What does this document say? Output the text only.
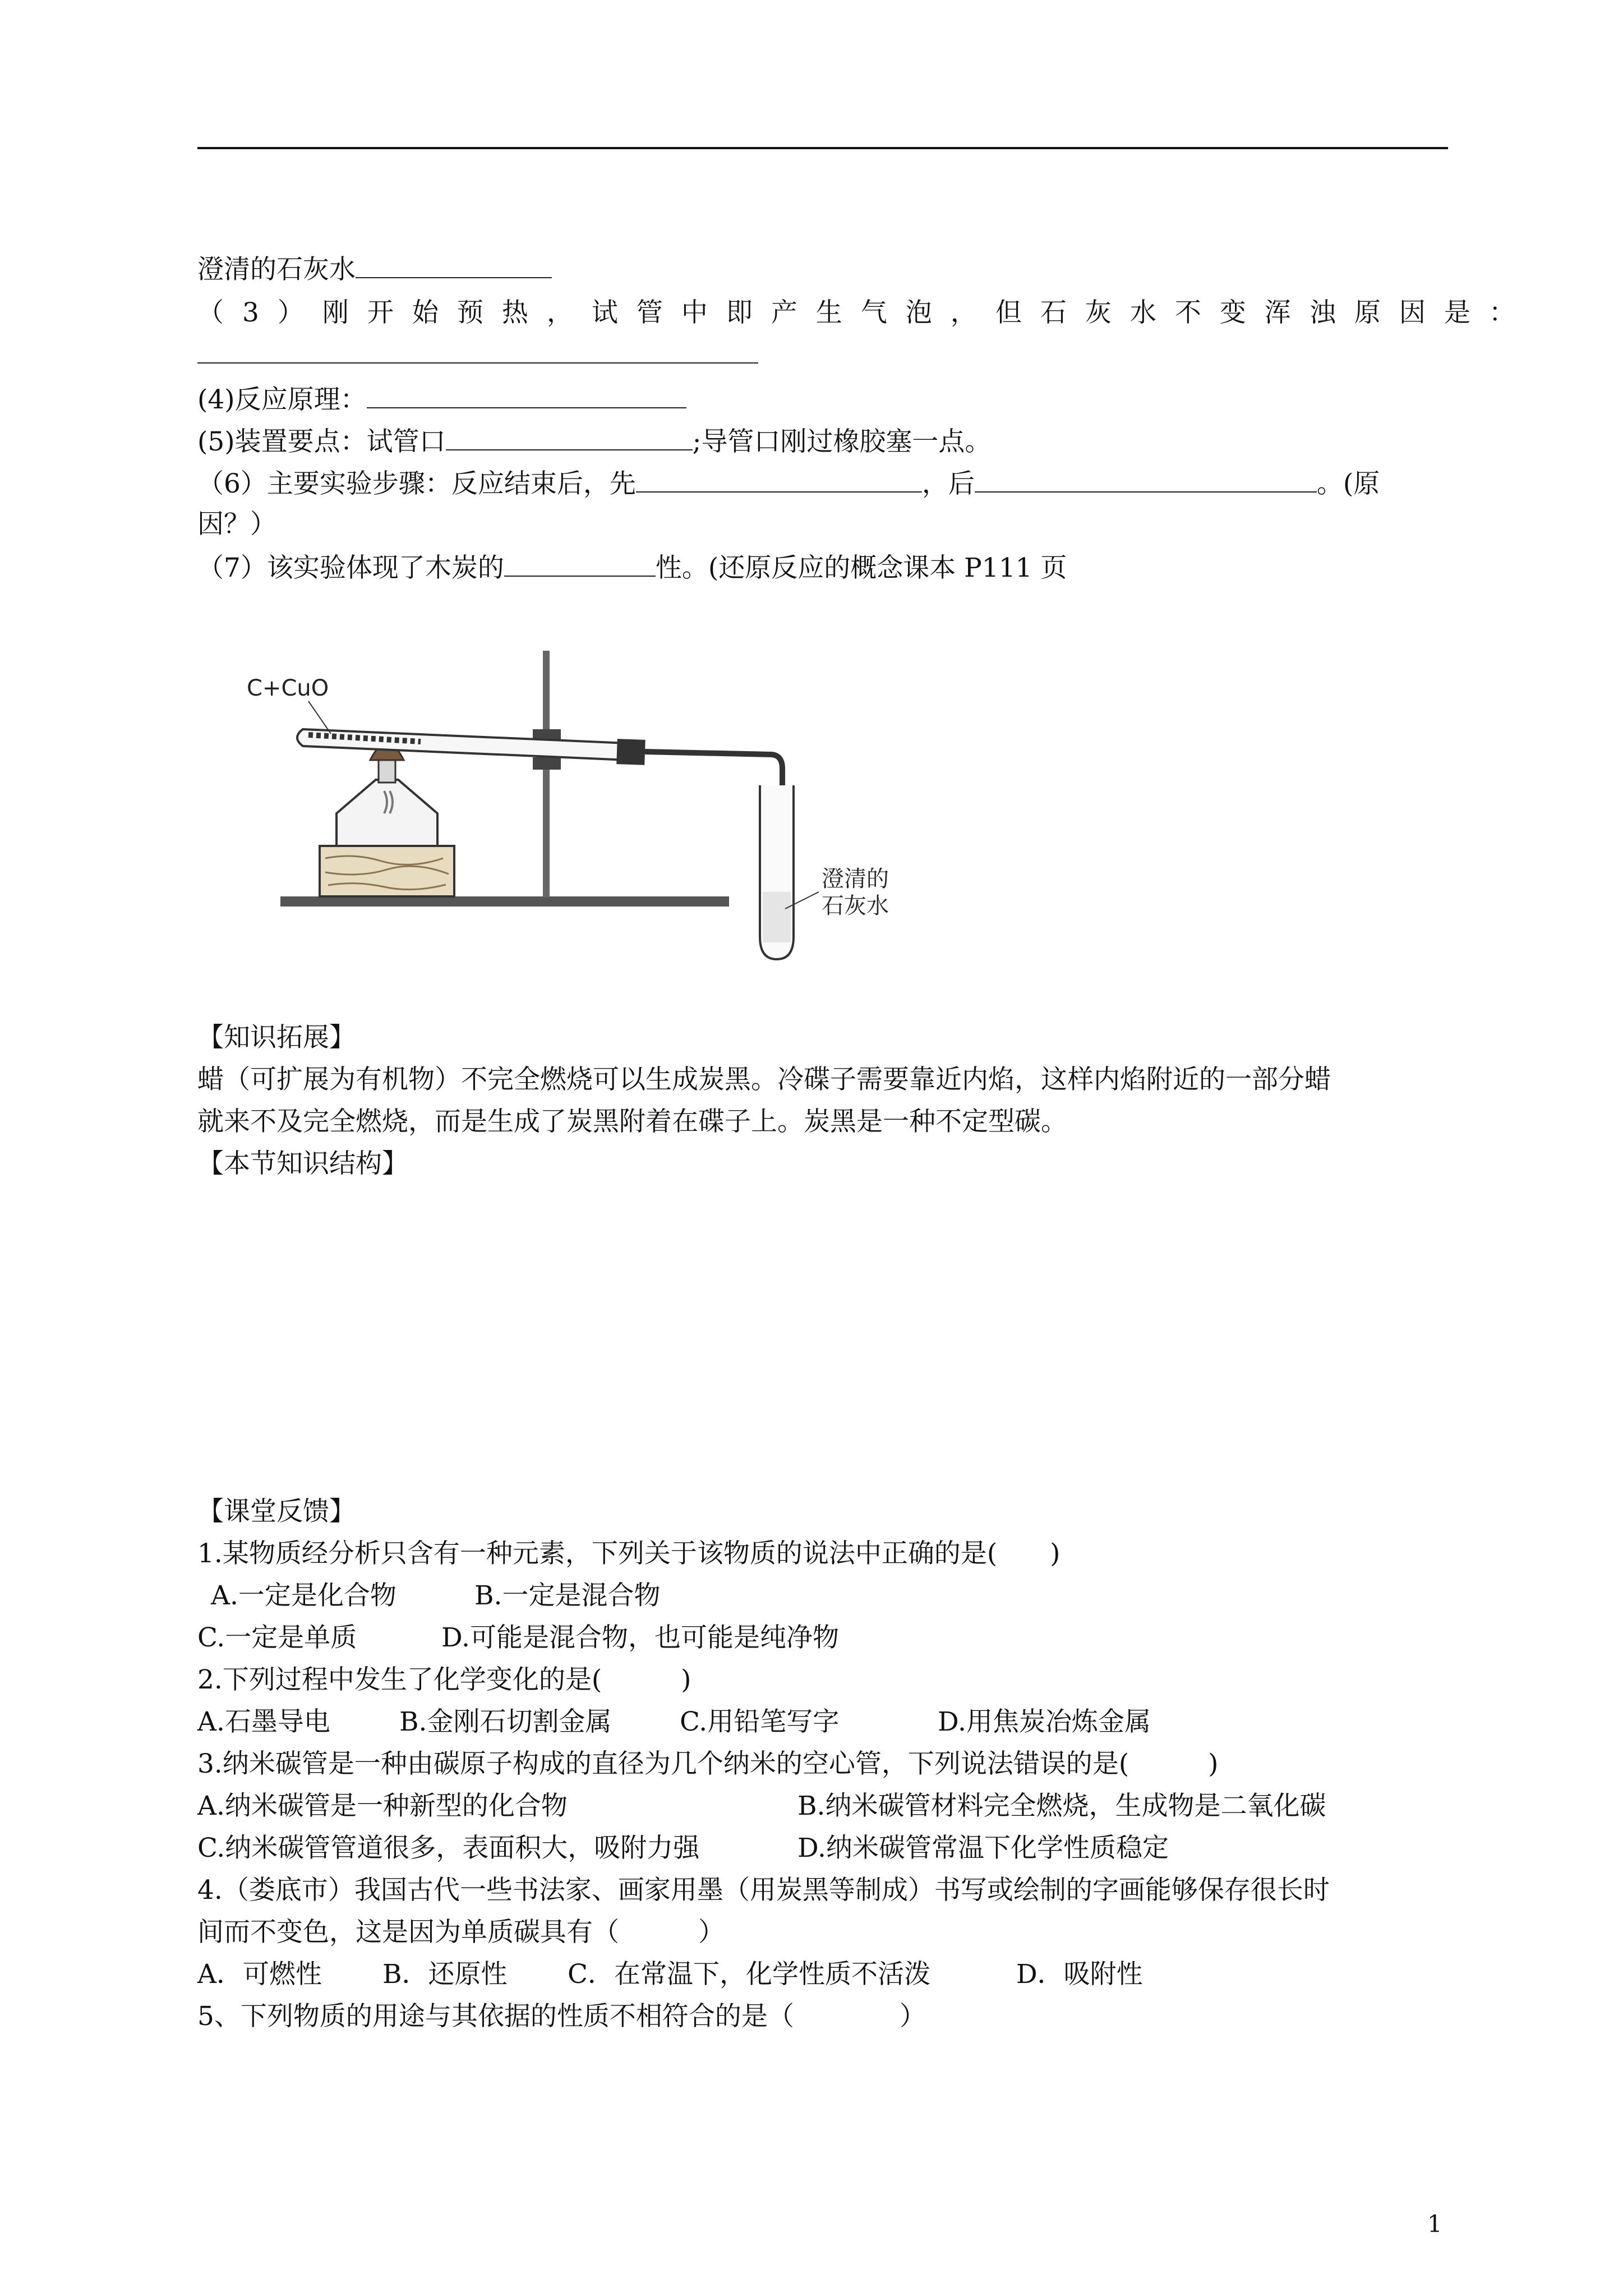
澄清的石灰水
（3）刚开始预热，试管中即产生气泡，但石灰水不变浑浊原因是：
(4)反应原理：
(5)装置要点：试管口	;导管口刚过橡胶塞一点。
（6）主要实验步骤：反应结束后，先	，后	。(原
因？）
（7）该实验体现了木炭的	性。(还原反应的概念课本 P111 页
C+CuO
澄清的
石灰水
【知识拓展】
蜡（可扩展为有机物）不完全燃烧可以生成炭黑。冷碟子需要靠近内焰，这样内焰附近的一部分蜡
就来不及完全燃烧，而是生成了炭黑附着在碟子上。炭黑是一种不定型碳。
【本节知识结构】
【课堂反馈】
1.某物质经分析只含有一种元素，下列关于该物质的说法中正确的是(　　)
A.一定是化合物	B.一定是混合物
C.一定是单质	D.可能是混合物，也可能是纯净物
2.下列过程中发生了化学变化的是(　　　)
A.石墨导电	B.金刚石切割金属	C.用铅笔写字	D.用焦炭冶炼金属
3.纳米碳管是一种由碳原子构成的直径为几个纳米的空心管，下列说法错误的是(　　　)
A.纳米碳管是一种新型的化合物	B.纳米碳管材料完全燃烧，生成物是二氧化碳
C.纳米碳管管道很多，表面积大，吸附力强	D.纳米碳管常温下化学性质稳定
4.（娄底市）我国古代一些书法家、画家用墨（用炭黑等制成）书写或绘制的字画能够保存很长时
间而不变色，这是因为单质碳具有（　　　）
A．可燃性 B．还原性 C．在常温下，化学性质不活泼	D．吸附性
5、下列物质的用途与其依据的性质不相符合的是（　　　　）
1
